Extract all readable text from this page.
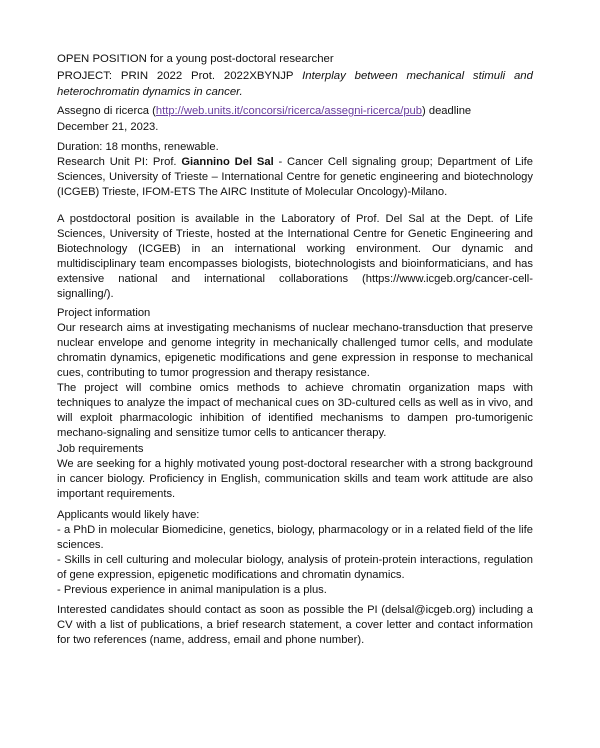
OPEN POSITION for a young post-doctoral researcher

PROJECT: PRIN 2022 Prot. 2022XBYNJP Interplay between mechanical stimuli and heterochromatin dynamics in cancer.

Assegno di ricerca (http://web.units.it/concorsi/ricerca/assegni-ricerca/pub) deadline

December 21, 2023.

Duration: 18 months, renewable.

Research Unit PI: Prof. Giannino Del Sal - Cancer Cell signaling group; Department of Life Sciences, University of Trieste – International Centre for genetic engineering and biotechnology (ICGEB) Trieste, IFOM-ETS The AIRC Institute of Molecular Oncology)-Milano.

A postdoctoral position is available in the Laboratory of Prof. Del Sal at the Dept. of Life Sciences, University of Trieste, hosted at the International Centre for Genetic Engineering and Biotechnology (ICGEB) in an international working environment. Our dynamic and multidisciplinary team encompasses biologists, biotechnologists and bioinformaticians, and has extensive national and international collaborations (https://www.icgeb.org/cancer-cell-signalling/).

Project information

Our research aims at investigating mechanisms of nuclear mechano-transduction that preserve nuclear envelope and genome integrity in mechanically challenged tumor cells, and modulate chromatin dynamics, epigenetic modifications and gene expression in response to mechanical cues, contributing to tumor progression and therapy resistance.
The project will combine omics methods to achieve chromatin organization maps with techniques to analyze the impact of mechanical cues on 3D-cultured cells as well as in vivo, and will exploit pharmacologic inhibition of identified mechanisms to dampen pro-tumorigenic mechano-signaling and sensitize tumor cells to anticancer therapy.

Job requirements

We are seeking for a highly motivated young post-doctoral researcher with a strong background in cancer biology. Proficiency in English, communication skills and team work attitude are also important requirements.

Applicants would likely have:

- a PhD in molecular Biomedicine, genetics, biology, pharmacology or in a related field of the life sciences.
- Skills in cell culturing and molecular biology, analysis of protein-protein interactions, regulation of gene expression, epigenetic modifications and chromatin dynamics.
- Previous experience in animal manipulation is a plus.

Interested candidates should contact as soon as possible the PI (delsal@icgeb.org) including a CV with a list of publications, a brief research statement, a cover letter and contact information for two references (name, address, email and phone number).
